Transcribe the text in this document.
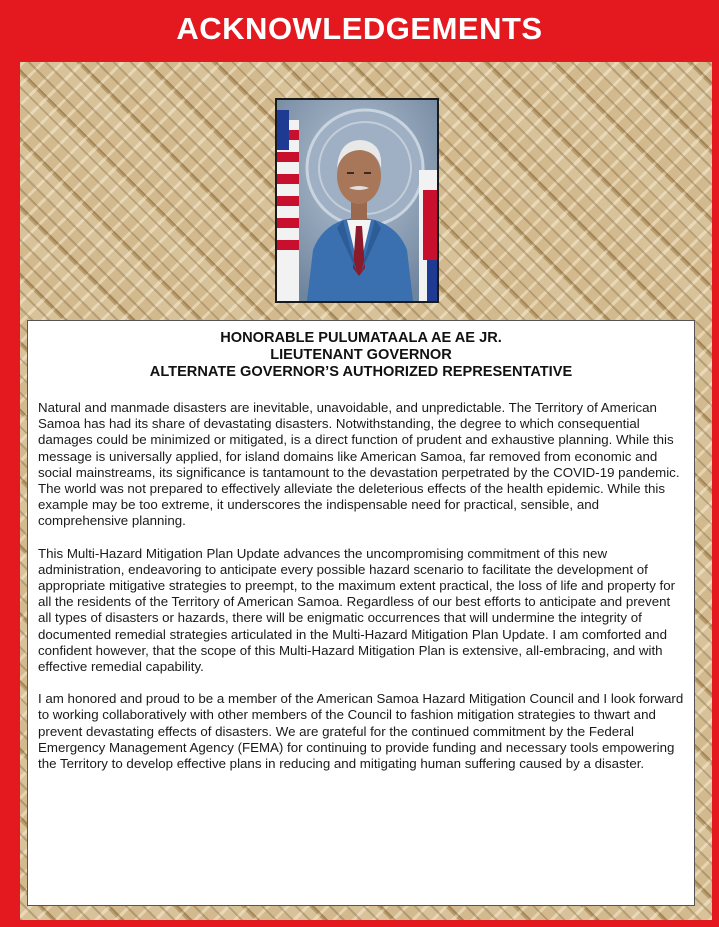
ACKNOWLEDGEMENTS

HONORABLE PULUMATAALA AE AE JR.

LIEUTENANT GOVERNOR

ALTERNATE GOVERNOR’S AUTHORIZED REPRESENTATIVE

Natural and manmade disasters are inevitable, unavoidable, and unpredictable. The Territory of American Samoa has had its share of devastating disasters. Notwithstanding, the degree to which consequential damages could be minimized or mitigated, is a direct function of prudent and exhaustive planning. While this message is universally applied, for island domains like American Samoa, far removed from economic and social mainstreams, its significance is tantamount to the devastation perpetrated by the COVID-19 pandemic. The world was not prepared to effectively alleviate the deleterious effects of the health epidemic. While this example may be too extreme, it underscores the indispensable need for practical, sensible, and comprehensive planning.

This Multi-Hazard Mitigation Plan Update advances the uncompromising commitment of this new administration, endeavoring to anticipate every possible hazard scenario to facilitate the development of appropriate mitigative strategies to preempt, to the maximum extent practical, the loss of life and property for all the residents of the Territory of American Samoa. Regardless of our best efforts to anticipate and prevent all types of disasters or hazards, there will be enigmatic occurrences that will undermine the integrity of documented remedial strategies articulated in the Multi-Hazard Mitigation Plan Update. I am comforted and confident however, that the scope of this Multi-Hazard Mitigation Plan is extensive, all-embracing, and with effective remedial capability.

I am honored and proud to be a member of the American Samoa Hazard Mitigation Council and I look forward to working collaboratively with other members of the Council to fashion mitigation strategies to thwart and prevent devastating effects of disasters. We are grateful for the continued commitment by the Federal Emergency Management Agency (FEMA) for continuing to provide funding and necessary tools empowering the Territory to develop effective plans in reducing and mitigating human suffering caused by a disaster.
